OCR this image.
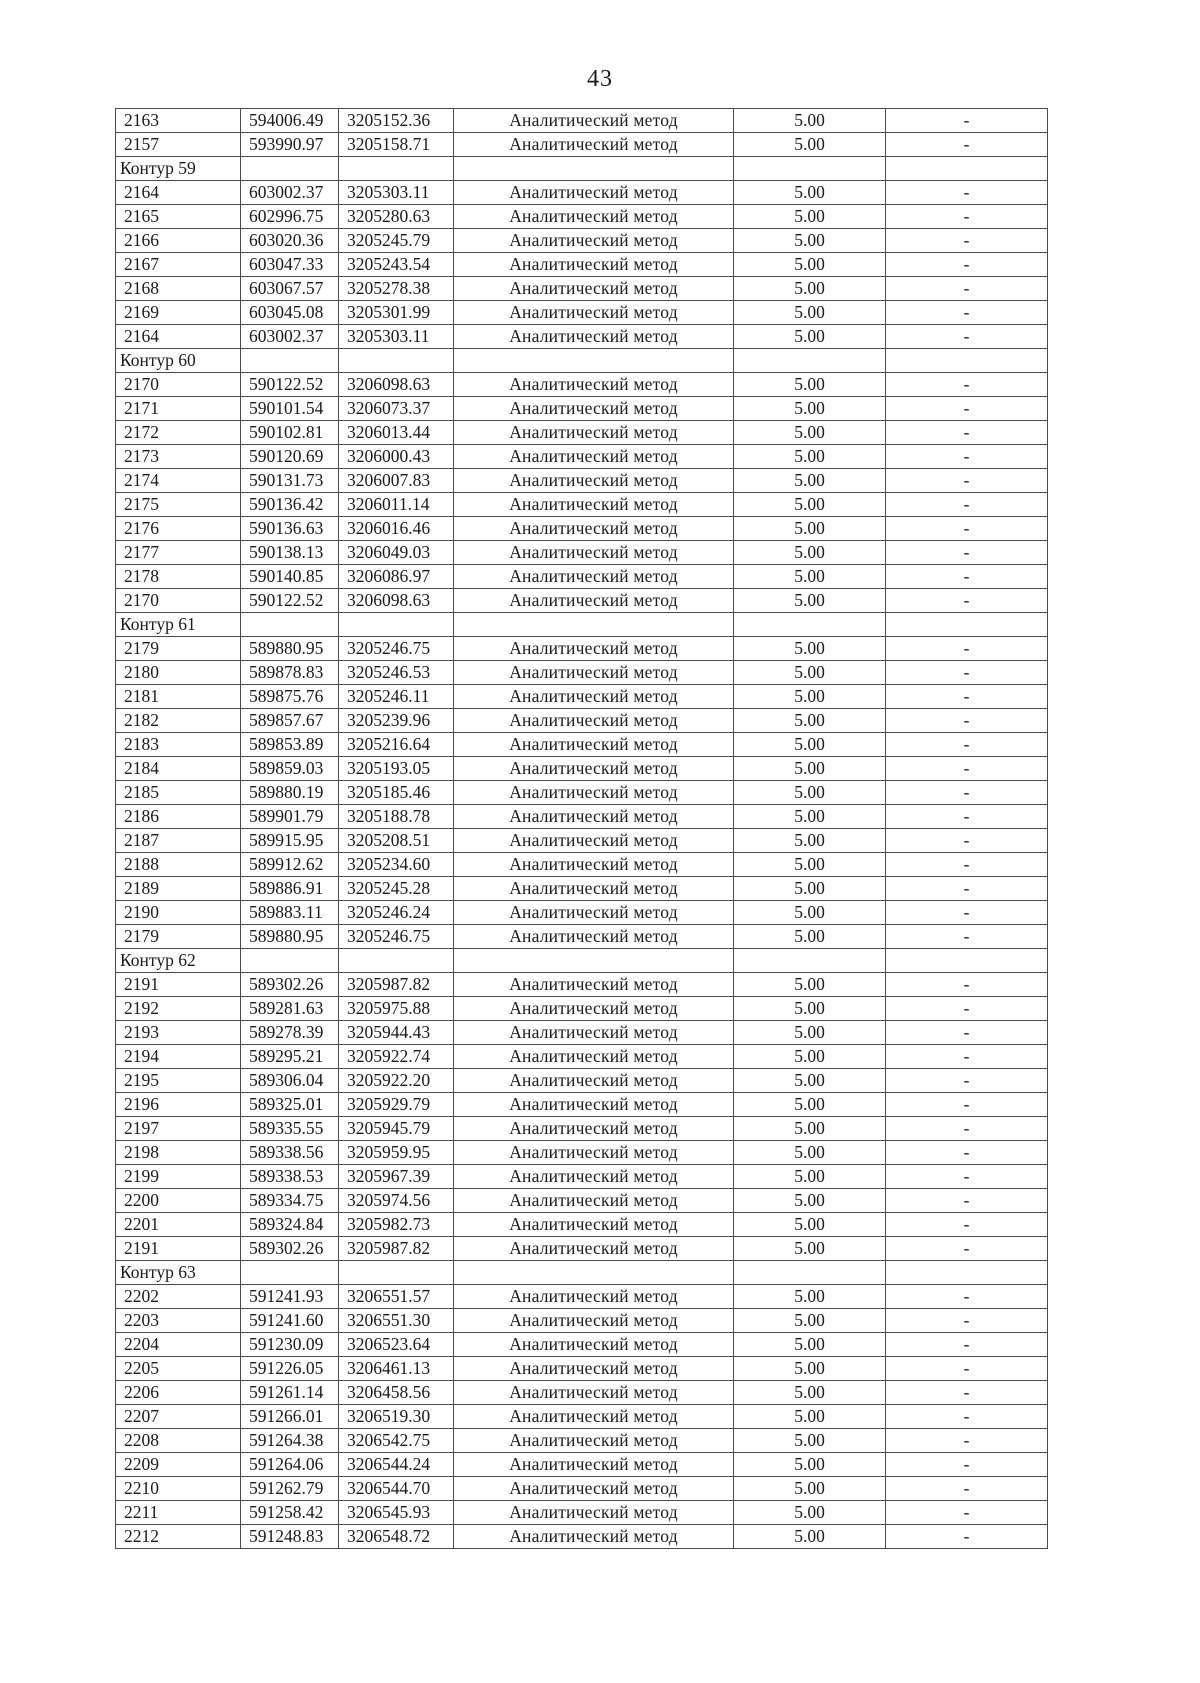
43
2163	594006.49	3205152.36	Аналитический метод	5.00	-
2157	593990.97	3205158.71	Аналитический метод	5.00	-
Контур 59					
2164	603002.37	3205303.11	Аналитический метод	5.00	-
2165	602996.75	3205280.63	Аналитический метод	5.00	-
2166	603020.36	3205245.79	Аналитический метод	5.00	-
2167	603047.33	3205243.54	Аналитический метод	5.00	-
2168	603067.57	3205278.38	Аналитический метод	5.00	-
2169	603045.08	3205301.99	Аналитический метод	5.00	-
2164	603002.37	3205303.11	Аналитический метод	5.00	-
Контур 60					
2170	590122.52	3206098.63	Аналитический метод	5.00	-
2171	590101.54	3206073.37	Аналитический метод	5.00	-
2172	590102.81	3206013.44	Аналитический метод	5.00	-
2173	590120.69	3206000.43	Аналитический метод	5.00	-
2174	590131.73	3206007.83	Аналитический метод	5.00	-
2175	590136.42	3206011.14	Аналитический метод	5.00	-
2176	590136.63	3206016.46	Аналитический метод	5.00	-
2177	590138.13	3206049.03	Аналитический метод	5.00	-
2178	590140.85	3206086.97	Аналитический метод	5.00	-
2170	590122.52	3206098.63	Аналитический метод	5.00	-
Контур 61					
2179	589880.95	3205246.75	Аналитический метод	5.00	-
2180	589878.83	3205246.53	Аналитический метод	5.00	-
2181	589875.76	3205246.11	Аналитический метод	5.00	-
2182	589857.67	3205239.96	Аналитический метод	5.00	-
2183	589853.89	3205216.64	Аналитический метод	5.00	-
2184	589859.03	3205193.05	Аналитический метод	5.00	-
2185	589880.19	3205185.46	Аналитический метод	5.00	-
2186	589901.79	3205188.78	Аналитический метод	5.00	-
2187	589915.95	3205208.51	Аналитический метод	5.00	-
2188	589912.62	3205234.60	Аналитический метод	5.00	-
2189	589886.91	3205245.28	Аналитический метод	5.00	-
2190	589883.11	3205246.24	Аналитический метод	5.00	-
2179	589880.95	3205246.75	Аналитический метод	5.00	-
Контур 62					
2191	589302.26	3205987.82	Аналитический метод	5.00	-
2192	589281.63	3205975.88	Аналитический метод	5.00	-
2193	589278.39	3205944.43	Аналитический метод	5.00	-
2194	589295.21	3205922.74	Аналитический метод	5.00	-
2195	589306.04	3205922.20	Аналитический метод	5.00	-
2196	589325.01	3205929.79	Аналитический метод	5.00	-
2197	589335.55	3205945.79	Аналитический метод	5.00	-
2198	589338.56	3205959.95	Аналитический метод	5.00	-
2199	589338.53	3205967.39	Аналитический метод	5.00	-
2200	589334.75	3205974.56	Аналитический метод	5.00	-
2201	589324.84	3205982.73	Аналитический метод	5.00	-
2191	589302.26	3205987.82	Аналитический метод	5.00	-
Контур 63					
2202	591241.93	3206551.57	Аналитический метод	5.00	-
2203	591241.60	3206551.30	Аналитический метод	5.00	-
2204	591230.09	3206523.64	Аналитический метод	5.00	-
2205	591226.05	3206461.13	Аналитический метод	5.00	-
2206	591261.14	3206458.56	Аналитический метод	5.00	-
2207	591266.01	3206519.30	Аналитический метод	5.00	-
2208	591264.38	3206542.75	Аналитический метод	5.00	-
2209	591264.06	3206544.24	Аналитический метод	5.00	-
2210	591262.79	3206544.70	Аналитический метод	5.00	-
2211	591258.42	3206545.93	Аналитический метод	5.00	-
2212	591248.83	3206548.72	Аналитический метод	5.00	-
